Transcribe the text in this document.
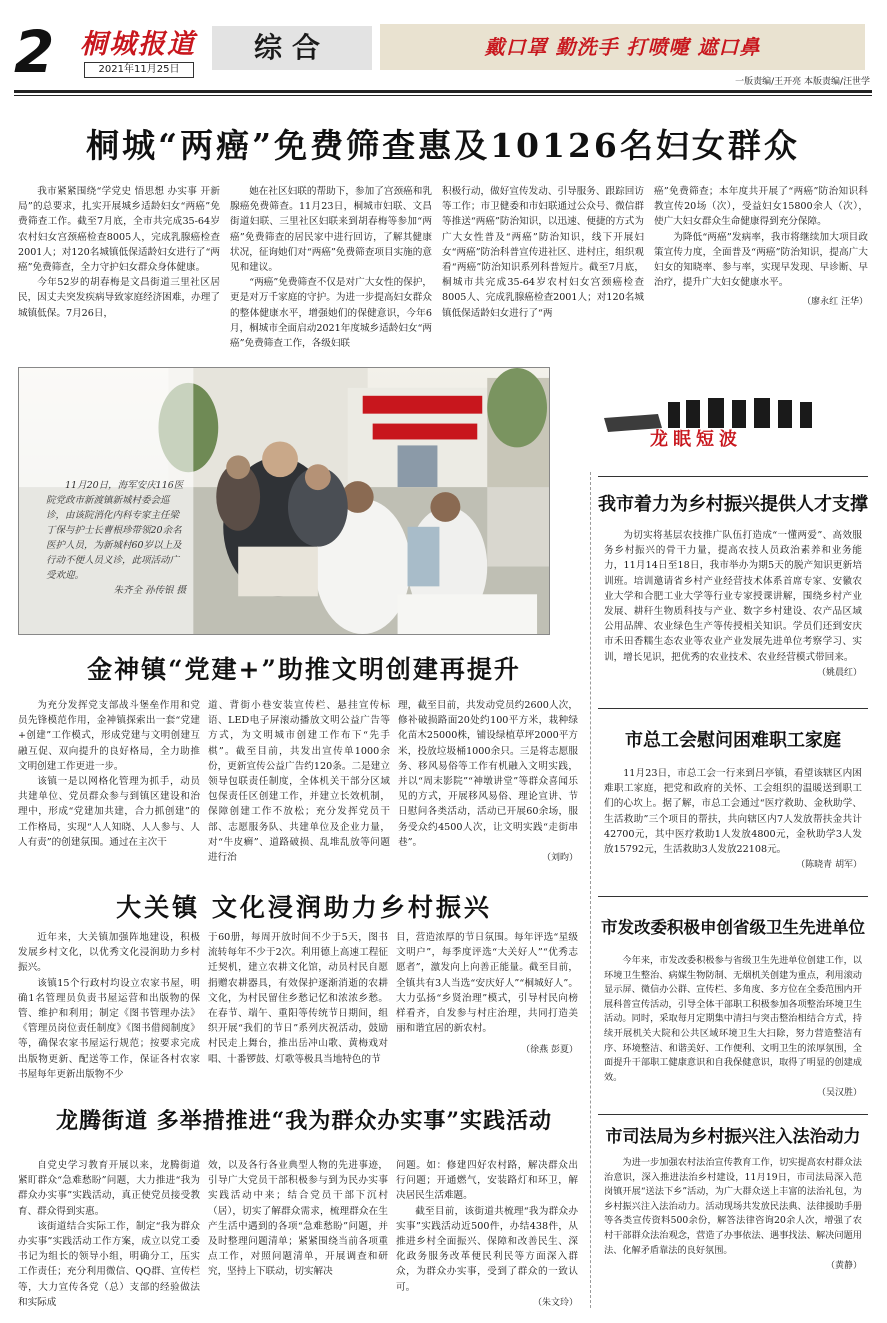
2 桐城报道
2021年11月25日
综合	戴口罩 勤洗手 打喷嚏 遮口鼻
一版责编/王开亮 本版责编/汪世学
桐城“两癌”免费筛查惠及10126名妇女群众

我市紧紧围绕“学党史 悟思想 办实事 开新局”的总要求，扎实开展城乡适龄妇女“两癌”免费筛查工作。截至7月底，全市共完成35-64岁农村妇女宫颈癌检查8005人，完成乳腺癌检查2001人；对120名城镇低保适龄妇女进行了“两癌”免费筛查，全力守护妇女群众身体健康。

今年52岁的胡春梅是文昌街道三里社区居民，因丈夫突发疾病导致家庭经济困难，办理了城镇低保。7月26日，

她在社区妇联的帮助下，参加了宫颈癌和乳腺癌免费筛查。11月23日，桐城市妇联、文昌街道妇联、三里社区妇联来到胡春梅等参加“两癌”免费筛查的居民家中进行回访，了解其健康状况，征询她们对“两癌”免费筛查项目实施的意见和建议。

“两癌”免费筛查不仅是对广大女性的保护，更是对万千家庭的守护。为进一步提高妇女群众的整体健康水平，增强她们的保健意识，今年6月，桐城市全面启动2021年度城乡适龄妇女“两癌”免费筛查工作，各级妇联

积极行动，做好宣传发动、引导服务、跟踪回访等工作；市卫健委和市妇联通过公众号、微信群等推送“两癌”防治知识，以迅速、便捷的方式为广大女性普及“两癌”防治知识，线下开展妇女“两癌”防治科普宣传进社区、进村庄，组织观看“两癌”防治知识系列科普短片。截至7月底，桐城市共完成35-64岁农村妇女宫颈癌检查8005人、完成乳腺癌检查2001人；对120名城镇低保适龄妇女进行了“两

癌”免费筛查；本年度共开展了“两癌”防治知识科教宣传20场（次），受益妇女15800余人（次），使广大妇女群众生命健康得到充分保障。

为降低“两癌”发病率，我市将继续加大项目政策宣传力度，全面普及“两癌”防治知识，提高广大妇女的知晓率、参与率，实现早发现、早诊断、早治疗，提升广大妇女健康水平。

（廖永红 汪华）
11月20日，海军安庆116医院党政市新渡镇新城村委会巡诊，由该院消化内科专家主任梁丁保与护士长曹根珍带领20余名医护人员，为新城村60岁以上及行动不便人员义诊，此项活动广受欢迎。
朱齐全 孙传银 摄
金神镇“党建+”助推文明创建再提升

为充分发挥党支部战斗堡垒作用和党员先锋模范作用，金神镇探索出一套“党建+创建”工作模式，形成党建与文明创建互融互促、双向提升的良好格局，全力助推文明创建工作更进一步。

该镇一是以网格化管理为抓手，动员共建单位、党员群众参与到镇区建设和治理中，形成“党建加共建，合力抓创建”的工作格局，实现“人人知晓、人人参与、人人有责”的创建氛围。通过在主次干

道、背街小巷安装宣传栏、悬挂宣传标语、LED电子屏滚动播放文明公益广告等方式，为文明城市创建工作布下“先手棋”。截至目前，共发出宣传单1000余份，更新宣传公益广告约120条。二是建立领导包联责任制度，全体机关干部分区域包保责任区创建工作，并建立长效机制，保障创建工作不放松；充分发挥党员干部、志愿服务队、共建单位及企业力量，对“牛皮癣”、道路破损、乱堆乱放等问题进行治

理，截至目前，共发动党员约2600人次，修补破损路面20处约100平方米，栽种绿化苗木25000株，铺设绿植草坪2000平方米，投放垃圾桶1000余只。三是将志愿服务、移风易俗等工作有机融入文明实践，并以“周末影院”“神墩讲堂”等群众喜闻乐见的方式，开展移风易俗、理论宣讲、节日慰问各类活动，活动已开展60余场，服务受众约4500人次，让文明实践“走街串巷”。

（刘昀）
大关镇 文化浸润助力乡村振兴

近年来，大关镇加强阵地建设，积极发展乡村文化，以优秀文化浸润助力乡村振兴。

该镇15个行政村均设立农家书屋，明确1名管理员负责书屋运营和出版物的保管、维护和利用；制定《图书管理办法》《管理员岗位责任制度》《图书借阅制度》等，确保农家书屋运行规范；按要求完成出版物更新、配送等工作，保证各村农家书屋每年更新出版物不少

于60册，每周开放时间不少于5天，图书流转每年不少于2次。利用德上高速工程征迁契机，建立农耕文化馆，动员村民自愿捐赠农耕器具，有效保护逐渐消逝的农耕文化，为村民留住乡愁记忆和浓浓乡愁。在春节、端午、重阳等传统节日期间，组织开展“我们的节日”系列庆祝活动，鼓励村民走上舞台，推出岳冲山歌、黄梅戏对唱、十番锣鼓、灯歌等极具当地特色的节

目，营造浓厚的节日氛围。每年评选“星级文明户”，每季度评选“大关好人”“优秀志愿者”，激发向上向善正能量。截至目前，全镇共有3人当选“安庆好人”“桐城好人”。大力弘扬“乡贤治理”模式，引导村民向榜样看齐，自发参与村庄治理，共同打造美丽和谐宜居的新农村。

（徐燕 彭夏）
龙腾街道 多举措推进“我为群众办实事”实践活动

自党史学习教育开展以来，龙腾街道紧盯群众“急难愁盼”问题，大力推进“我为群众办实事”实践活动，真正使党员接受教育、群众得到实惠。

该街道结合实际工作，制定“我为群众办实事”实践活动工作方案，成立以党工委书记为组长的领导小组，明确分工，压实工作责任；充分利用微信、QQ群、宣传栏等，大力宣传各党（总）支部的经验做法和实际成

效，以及各行各业典型人物的先进事迹，引导广大党员干部积极参与到为民办实事实践活动中来；结合党员干部下沉村（居），切实了解群众需求，梳理群众在生产生活中遇到的各项“急难愁盼”问题，并及时整理问题清单；紧紧围绕当前各项重点工作，对照问题清单，开展调查和研究，坚持上下联动，切实解决

问题。如：修建四好农村路，解决群众出行问题；开通燃气，安装路灯和环卫，解决居民生活难题。

截至目前，该街道共梳理“我为群众办实事”实践活动近500件，办结438件，从推进乡村全面振兴、保障和改善民生、深化政务服务改革便民利民等方面深入群众，为群众办实事，受到了群众的一致认可。

（朱文玲）
龙眠短波
我市着力为乡村振兴提供人才支撑
为切实将基层农技推广队伍打造成“一懂两爱”、高效服务乡村振兴的骨干力量，提高农技人员政治素养和业务能力，11月14日至18日，我市举办为期5天的脱产知识更新培训班。培训邀请省乡村产业经营技术体系首席专家、安徽农业大学和合肥工业大学等行业专家授课讲解，围绕乡村产业发展、耕秆生物质科技与产业、数字乡村建设、农产品区域公用品牌、农业绿色生产等传授相关知识。学员们还到安庆市禾田香糯生态农业等农业产业发展先进单位考察学习、实训，增长见识，把优秀的农业技术、农业经营模式带回来。
（姚晨红）
市总工会慰问困难职工家庭
11月23日，市总工会一行来到吕亭镇，看望该辖区内困难职工家庭，把党和政府的关怀、工会组织的温暖送到职工们的心坎上。据了解，市总工会通过“医疗救助、金秋助学、生活救助”三个项目的帮扶，共向辖区内7人发放帮扶金共计42700元，其中医疗救助1人发放4800元，金秋助学3人发放15792元，生活救助3人发放22108元。
（陈晓青 胡军）
市发改委积极申创省级卫生先进单位
今年来，市发改委积极参与省级卫生先进单位创建工作，以环境卫生整治、病媒生物防制、无烟机关创建为重点，利用滚动显示屏、微信办公群、宣传栏、多角度、多方位在全委范围内开展科普宣传活动，引导全体干部职工积极参加各项整治环境卫生活动。同时，采取每月定期集中清扫与突击整治相结合方式，持续开展机关大院和公共区域环境卫生大扫除，努力营造整洁有序、环境整洁、和谐美好、工作便利、文明卫生的浓厚氛围，全面提升干部职工健康意识和自我保健意识，取得了明显的创建成效。
（吴汉胜）
市司法局为乡村振兴注入法治动力
为进一步加强农村法治宣传教育工作，切实提高农村群众法治意识，深入推进法治乡村建设，11月19日，市司法局深入范岗镇开展“送法下乡”活动，为广大群众送上丰富的法治礼包，为乡村振兴注入法治动力。活动现场共发放民法典、法律援助手册等各类宣传资料500余份，解答法律咨询20余人次，增强了农村干部群众法治观念，营造了办事依法、遇事找法、解决问题用法、化解矛盾靠法的良好氛围。
（黄静）
